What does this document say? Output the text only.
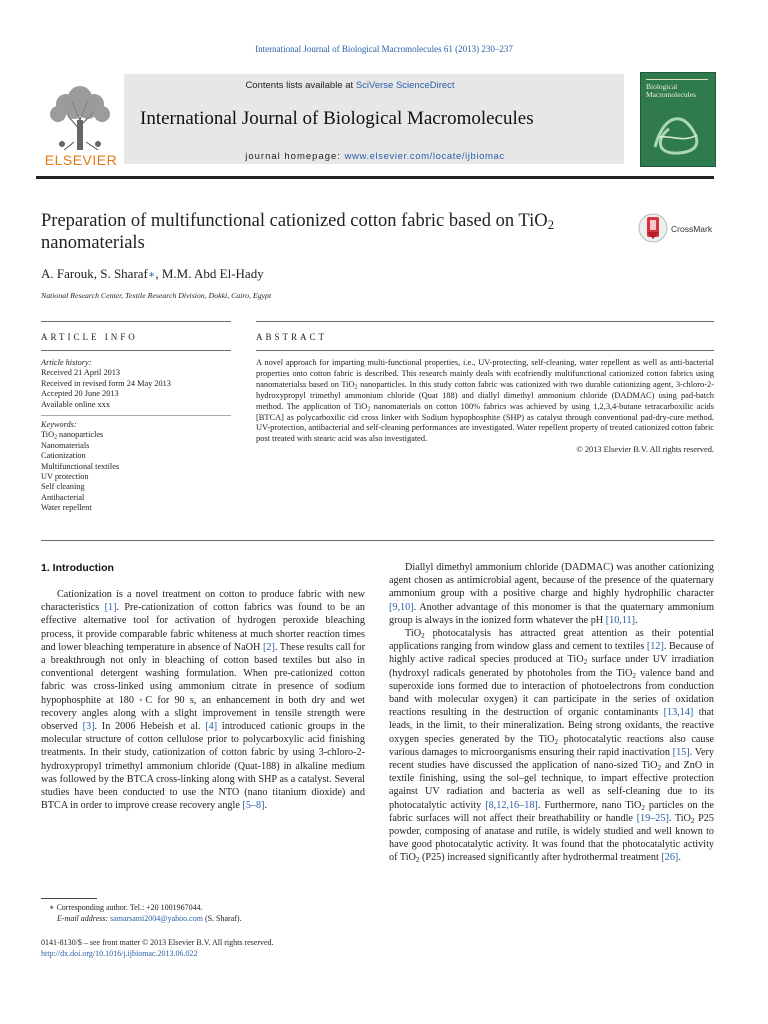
International Journal of Biological Macromolecules 61 (2013) 230–237
ELSEVIER
Contents lists available at SciVerse ScienceDirect
International Journal of Biological Macromolecules
journal homepage: www.elsevier.com/locate/ijbiomac
Biological
Macromolecules
Preparation of multifunctional cationized cotton fabric based on TiO$_2$
nanomaterials
CrossMark
A. Farouk, S. Sharaf∗, M.M. Abd El-Hady
National Research Center, Textile Research Division, Dokki, Cairo, Egypt
ARTICLE INFO	ABSTRACT

Article history:

Received 21 April 2013

Received in revised form 24 May 2013

Accepted 20 June 2013

Available online xxx

Keywords:

TiO$_2$ nanoparticles

Nanomaterials

Cationization

Multifunctional textiles

UV protection

Self cleaning

Antibacterial

Water repellent

A novel approach for imparting multi-functional properties, i.e., UV-protecting, self-cleaning, water repellent as well as anti-bacterial properties onto cotton fabric is described. This research mainly deals with ecofriendly multifunctional cationized cotton fabrics using nanomaterialss based on TiO$_2$ nanoparticles. In this study cotton fabric was cationized with two durable cationizing agent, 3-chloro-2-hydroxypropyl trimethyl ammonium chloride (Quat 188) and diallyl dimethyl ammonium chloride (DADMAC) using pad-batch method. The application of TiO$_2$ nanomaterials on cotton 100% fabrics was achieved by using 1,2,3,4-butane tetracarboxilic acids [BTCA] as polycarboxilic cid cross linker with Sodium hypophosphite (SHP) as catalyst through conventional pad-dry-cure method. UV-protection, antibacterial and self-cleaning performances are investigated. Water repellent property of treated cationized cotton fabric post treated with stearic acid was also investigated.

© 2013 Elsevier B.V. All rights reserved.

1. Introduction

Cationization is a novel treatment on cotton to produce fabric with new characteristics [1]. Pre-cationization of cotton fabrics was found to be an effective alternative tool for activation of hydrogen peroxide bleaching process, it provide comparable fabric whiteness at much shorter reaction times and lower bleaching temperature in absence of NaOH [2]. These results call for a breakthrough not only in bleaching of cotton based textiles but also in conventional detergent washing formulation. When pre-cationized cotton fabric was cross-linked using ammonium citrate in presence of sodium hypophosphite at 180 ◦C for 90 s, an enhancement in both dry and wet recovery angles along with a slight improvement in tensile strength were observed [3]. In 2006 Hebeish et al. [4] introduced cationic groups in the molecular structure of cotton cellulose prior to polycarboxylic acid finishing treatments. In their study, cationization of cotton fabric by using 3-chloro-2-hydroxypropyl trimethyl ammonium chloride (Quat-188) in alkaline medium was followed by the BTCA cross-linking along with SHP as a catalyst. Several studies have been conducted to use the NTO (nano titanium dioxide) and BTCA in order to improve crease recovery angle [5–8].

Diallyl dimethyl ammonium chloride (DADMAC) was another cationizing agent chosen as antimicrobial agent, because of the presence of the quaternary ammonium group with a positive charge and highly hydrophilic character [9,10]. Another advantage of this monomer is that the quaternary ammonium group is always in the ionized form whatever the pH [10,11].

TiO$_2$ photocatalysis has attracted great attention as their potential applications ranging from window glass and cement to textiles [12]. Because of highly active radical species produced at TiO$_2$ surface under UV irradiation (hydroxyl radicals generated by photoholes from the TiO$_2$ valence band and superoxide ions formed due to interaction of photoelectrons from conduction band with molecular oxygen) it can participate in the series of oxidation reactions resulting in the destruction of organic contaminants [13,14] that leads, in the limit, to their mineralization. Being strong oxidants, the reactive oxygen species generated by the TiO$_2$ photocatalytic reactions also cause various damages to microorganisms ensuring their rapid inactivation [15]. Very recent studies have discussed the application of nano-sized TiO$_2$ and ZnO in textile finishing, using the sol–gel technique, to impart effective protection against UV radiation and bacteria as well as self-cleaning due to its photocatalytic activity [8,12,16–18]. Furthermore, nano TiO$_2$ particles on the fabric surfaces will not affect their breathability or handle [19–25]. TiO$_2$ P25 powder, composing of anatase and rutile, is widely studied and well known to have good photocatalytic activity. It was found that the photocatalytic activity of TiO$_2$ (P25) increased significantly after hydrothermal treatment [26].

∗ Corresponding author. Tel.: +20 1001967044.
E-mail address: samarsami2004@yahoo.com (S. Sharaf).
0141-8130/$ – see front matter © 2013 Elsevier B.V. All rights reserved.
http://dx.doi.org/10.1016/j.ijbiomac.2013.06.022
